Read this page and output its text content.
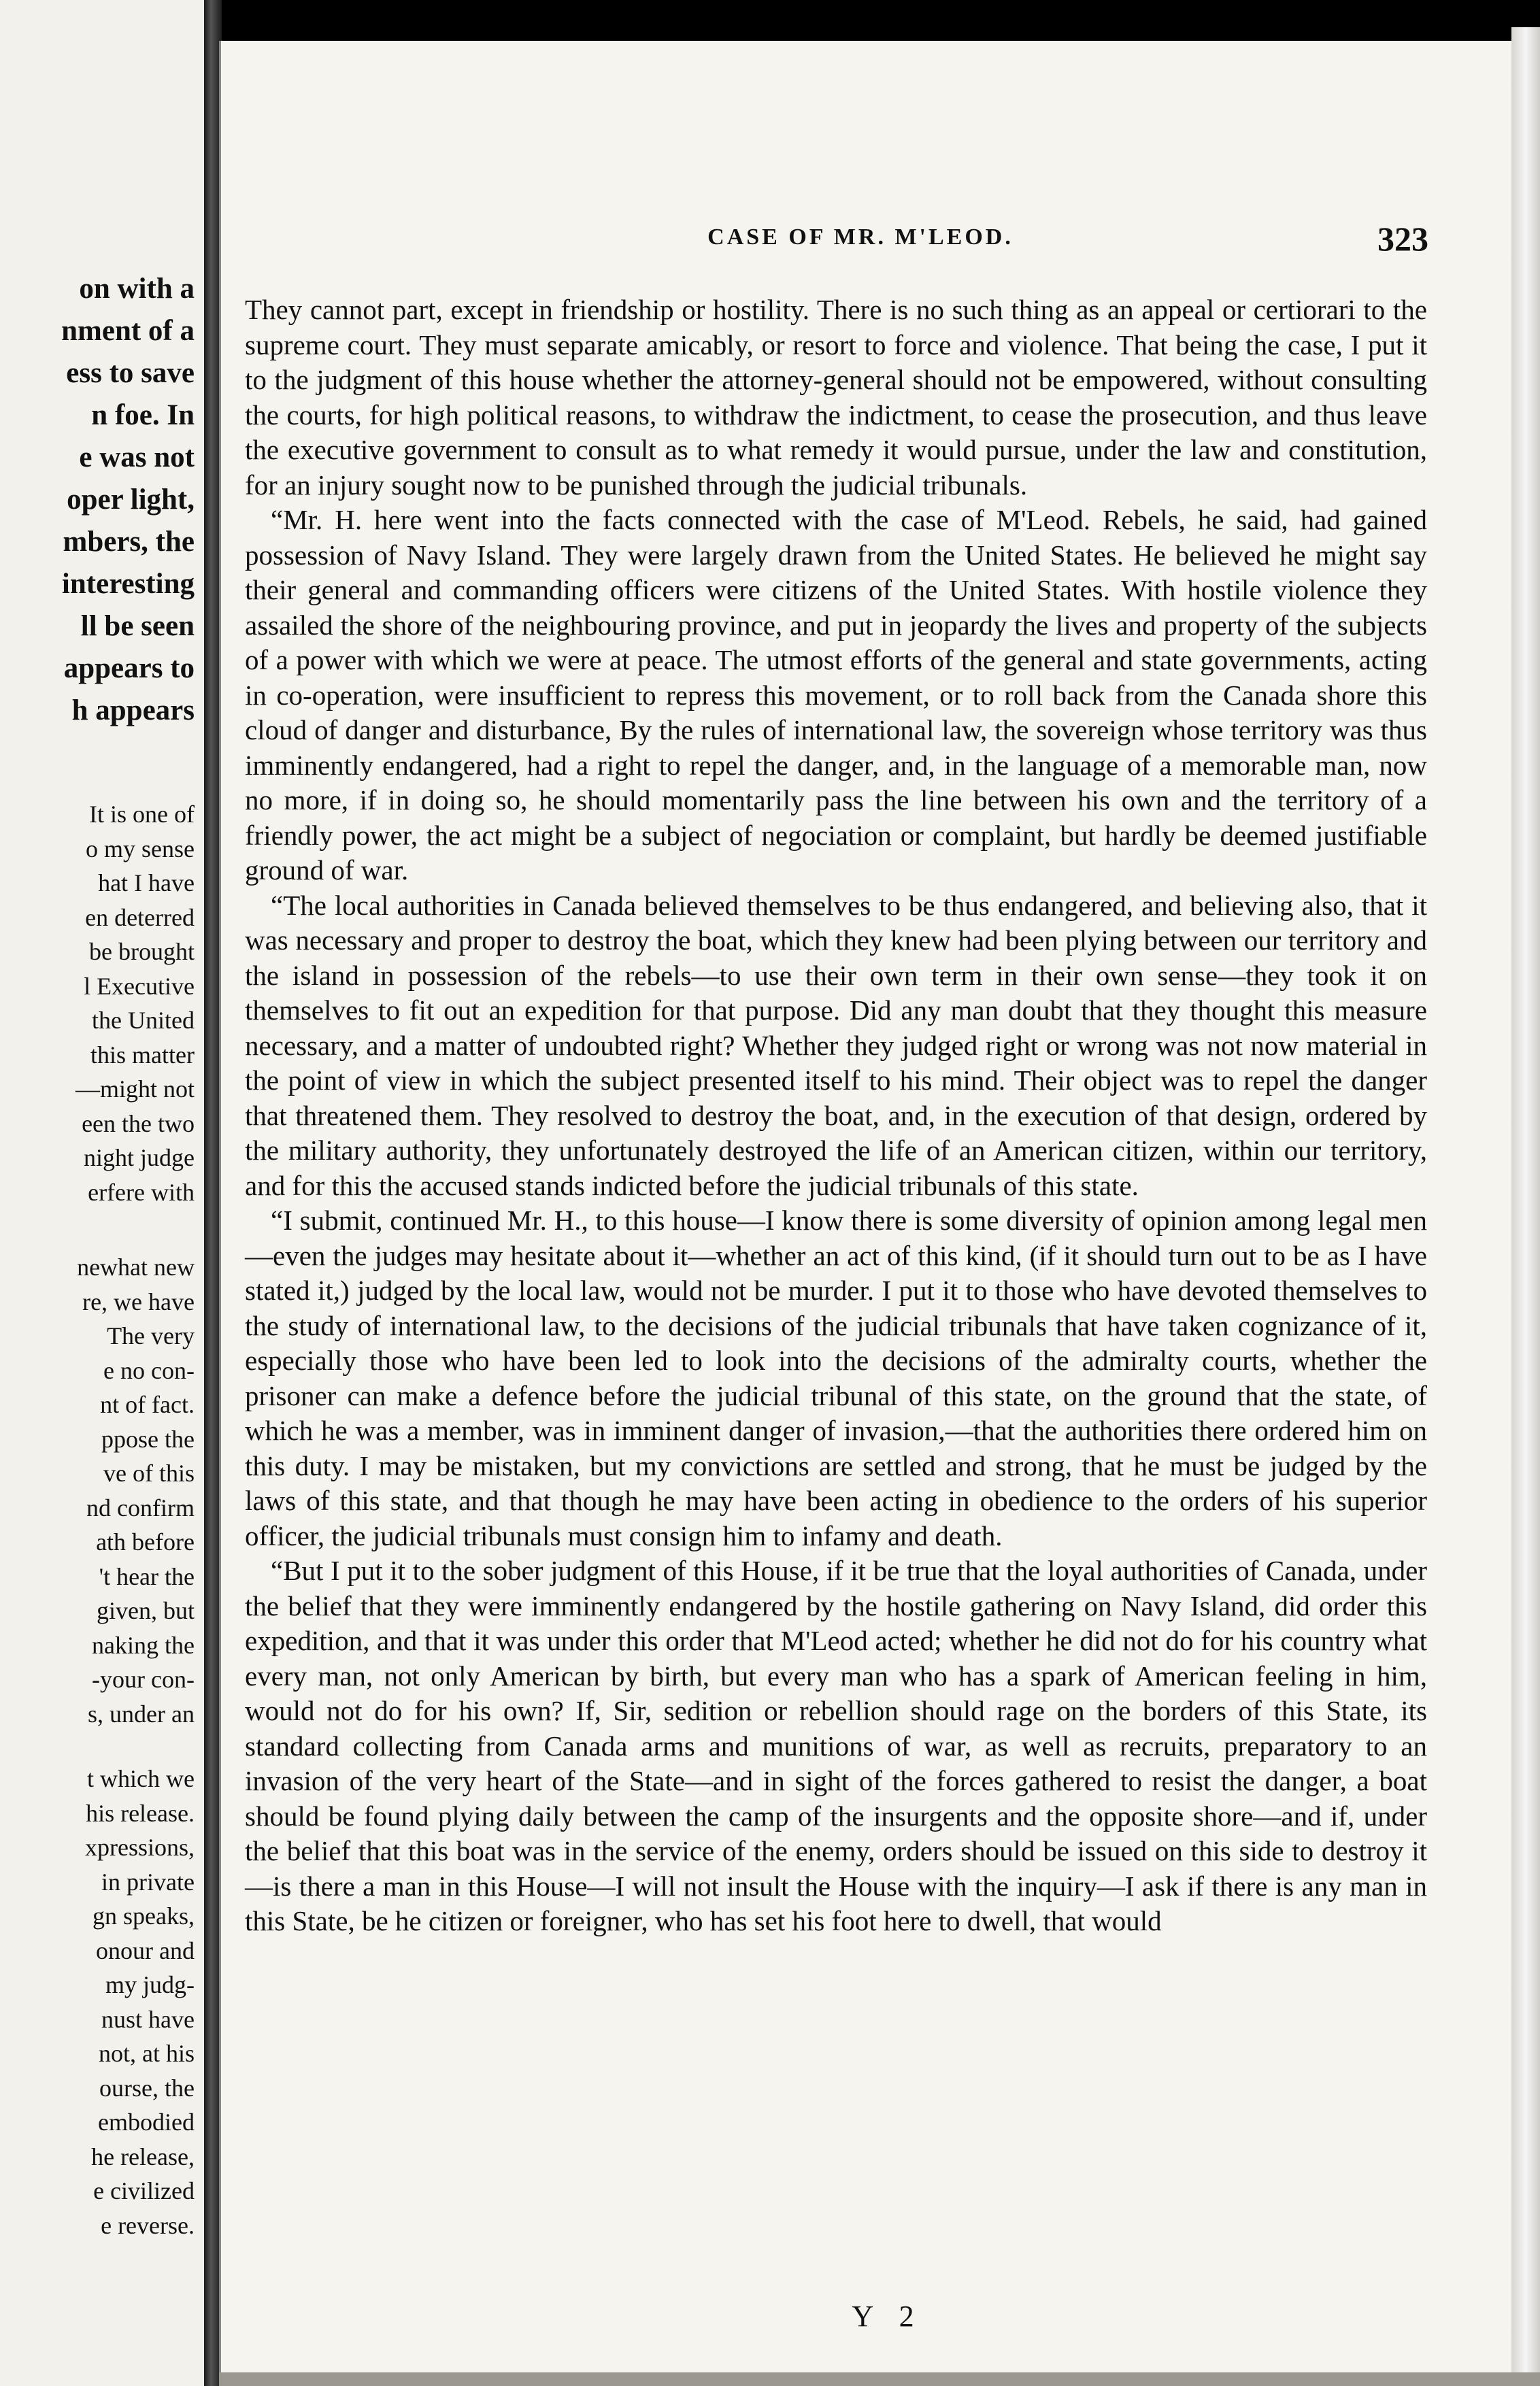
on with a
nment of a
ess to save
n foe. In
e was not
oper light,
mbers, the
interesting
ll be seen
appears to
h appears
It is one of
o my sense
hat I have
en deterred
be brought
l Executive
the United
this matter
—might not
een the two
night judge
erfere with
newhat new
re, we have
The very
e no con-
nt of fact.
ppose the
ve of this
nd confirm
ath before
't hear the
given, but
naking the
-your con-
s, under an
t which we
his release.
xpressions,
in private
gn speaks,
onour and
my judg-
nust have
not, at his
ourse, the
embodied
he release,
e civilized
e reverse.
CASE OF MR. M'LEOD.	323

They cannot part, except in friendship or hostility. There is no such thing as an appeal or certiorari to the supreme court. They must separate amicably, or resort to force and violence. That being the case, I put it to the judgment of this house whether the attorney-general should not be empowered, without consulting the courts, for high political reasons, to withdraw the indictment, to cease the prosecution, and thus leave the executive government to consult as to what remedy it would pursue, under the law and constitution, for an injury sought now to be punished through the judicial tribunals.

“Mr. H. here went into the facts connected with the case of M'Leod. Rebels, he said, had gained possession of Navy Island. They were largely drawn from the United States. He believed he might say their general and commanding officers were citizens of the United States. With hostile violence they assailed the shore of the neighbouring province, and put in jeopardy the lives and property of the subjects of a power with which we were at peace. The utmost efforts of the general and state governments, acting in co-operation, were insufficient to repress this movement, or to roll back from the Canada shore this cloud of danger and disturbance, By the rules of international law, the sovereign whose territory was thus imminently endangered, had a right to repel the danger, and, in the language of a memorable man, now no more, if in doing so, he should momentarily pass the line between his own and the territory of a friendly power, the act might be a subject of negociation or complaint, but hardly be deemed justifiable ground of war.

“The local authorities in Canada believed themselves to be thus endangered, and believing also, that it was necessary and proper to destroy the boat, which they knew had been plying between our territory and the island in possession of the rebels—to use their own term in their own sense—they took it on themselves to fit out an expedition for that purpose. Did any man doubt that they thought this measure necessary, and a matter of undoubted right? Whether they judged right or wrong was not now material in the point of view in which the subject presented itself to his mind. Their object was to repel the danger that threatened them. They resolved to destroy the boat, and, in the execution of that design, ordered by the military authority, they unfortunately destroyed the life of an American citizen, within our territory, and for this the accused stands indicted before the judicial tribunals of this state.

“I submit, continued Mr. H., to this house—I know there is some diversity of opinion among legal men—even the judges may hesitate about it—whether an act of this kind, (if it should turn out to be as I have stated it,) judged by the local law, would not be murder. I put it to those who have devoted themselves to the study of international law, to the decisions of the judicial tribunals that have taken cognizance of it, especially those who have been led to look into the decisions of the admiralty courts, whether the prisoner can make a defence before the judicial tribunal of this state, on the ground that the state, of which he was a member, was in imminent danger of invasion,—that the authorities there ordered him on this duty. I may be mistaken, but my convictions are settled and strong, that he must be judged by the laws of this state, and that though he may have been acting in obedience to the orders of his superior officer, the judicial tribunals must consign him to infamy and death.

“But I put it to the sober judgment of this House, if it be true that the loyal authorities of Canada, under the belief that they were imminently endangered by the hostile gathering on Navy Island, did order this expedition, and that it was under this order that M'Leod acted; whether he did not do for his country what every man, not only American by birth, but every man who has a spark of American feeling in him, would not do for his own? If, Sir, sedition or rebellion should rage on the borders of this State, its standard collecting from Canada arms and munitions of war, as well as recruits, preparatory to an invasion of the very heart of the State—and in sight of the forces gathered to resist the danger, a boat should be found plying daily between the camp of the insurgents and the opposite shore—and if, under the belief that this boat was in the service of the enemy, orders should be issued on this side to destroy it—is there a man in this House—I will not insult the House with the inquiry—I ask if there is any man in this State, be he citizen or foreigner, who has set his foot here to dwell, that would

Y 2
